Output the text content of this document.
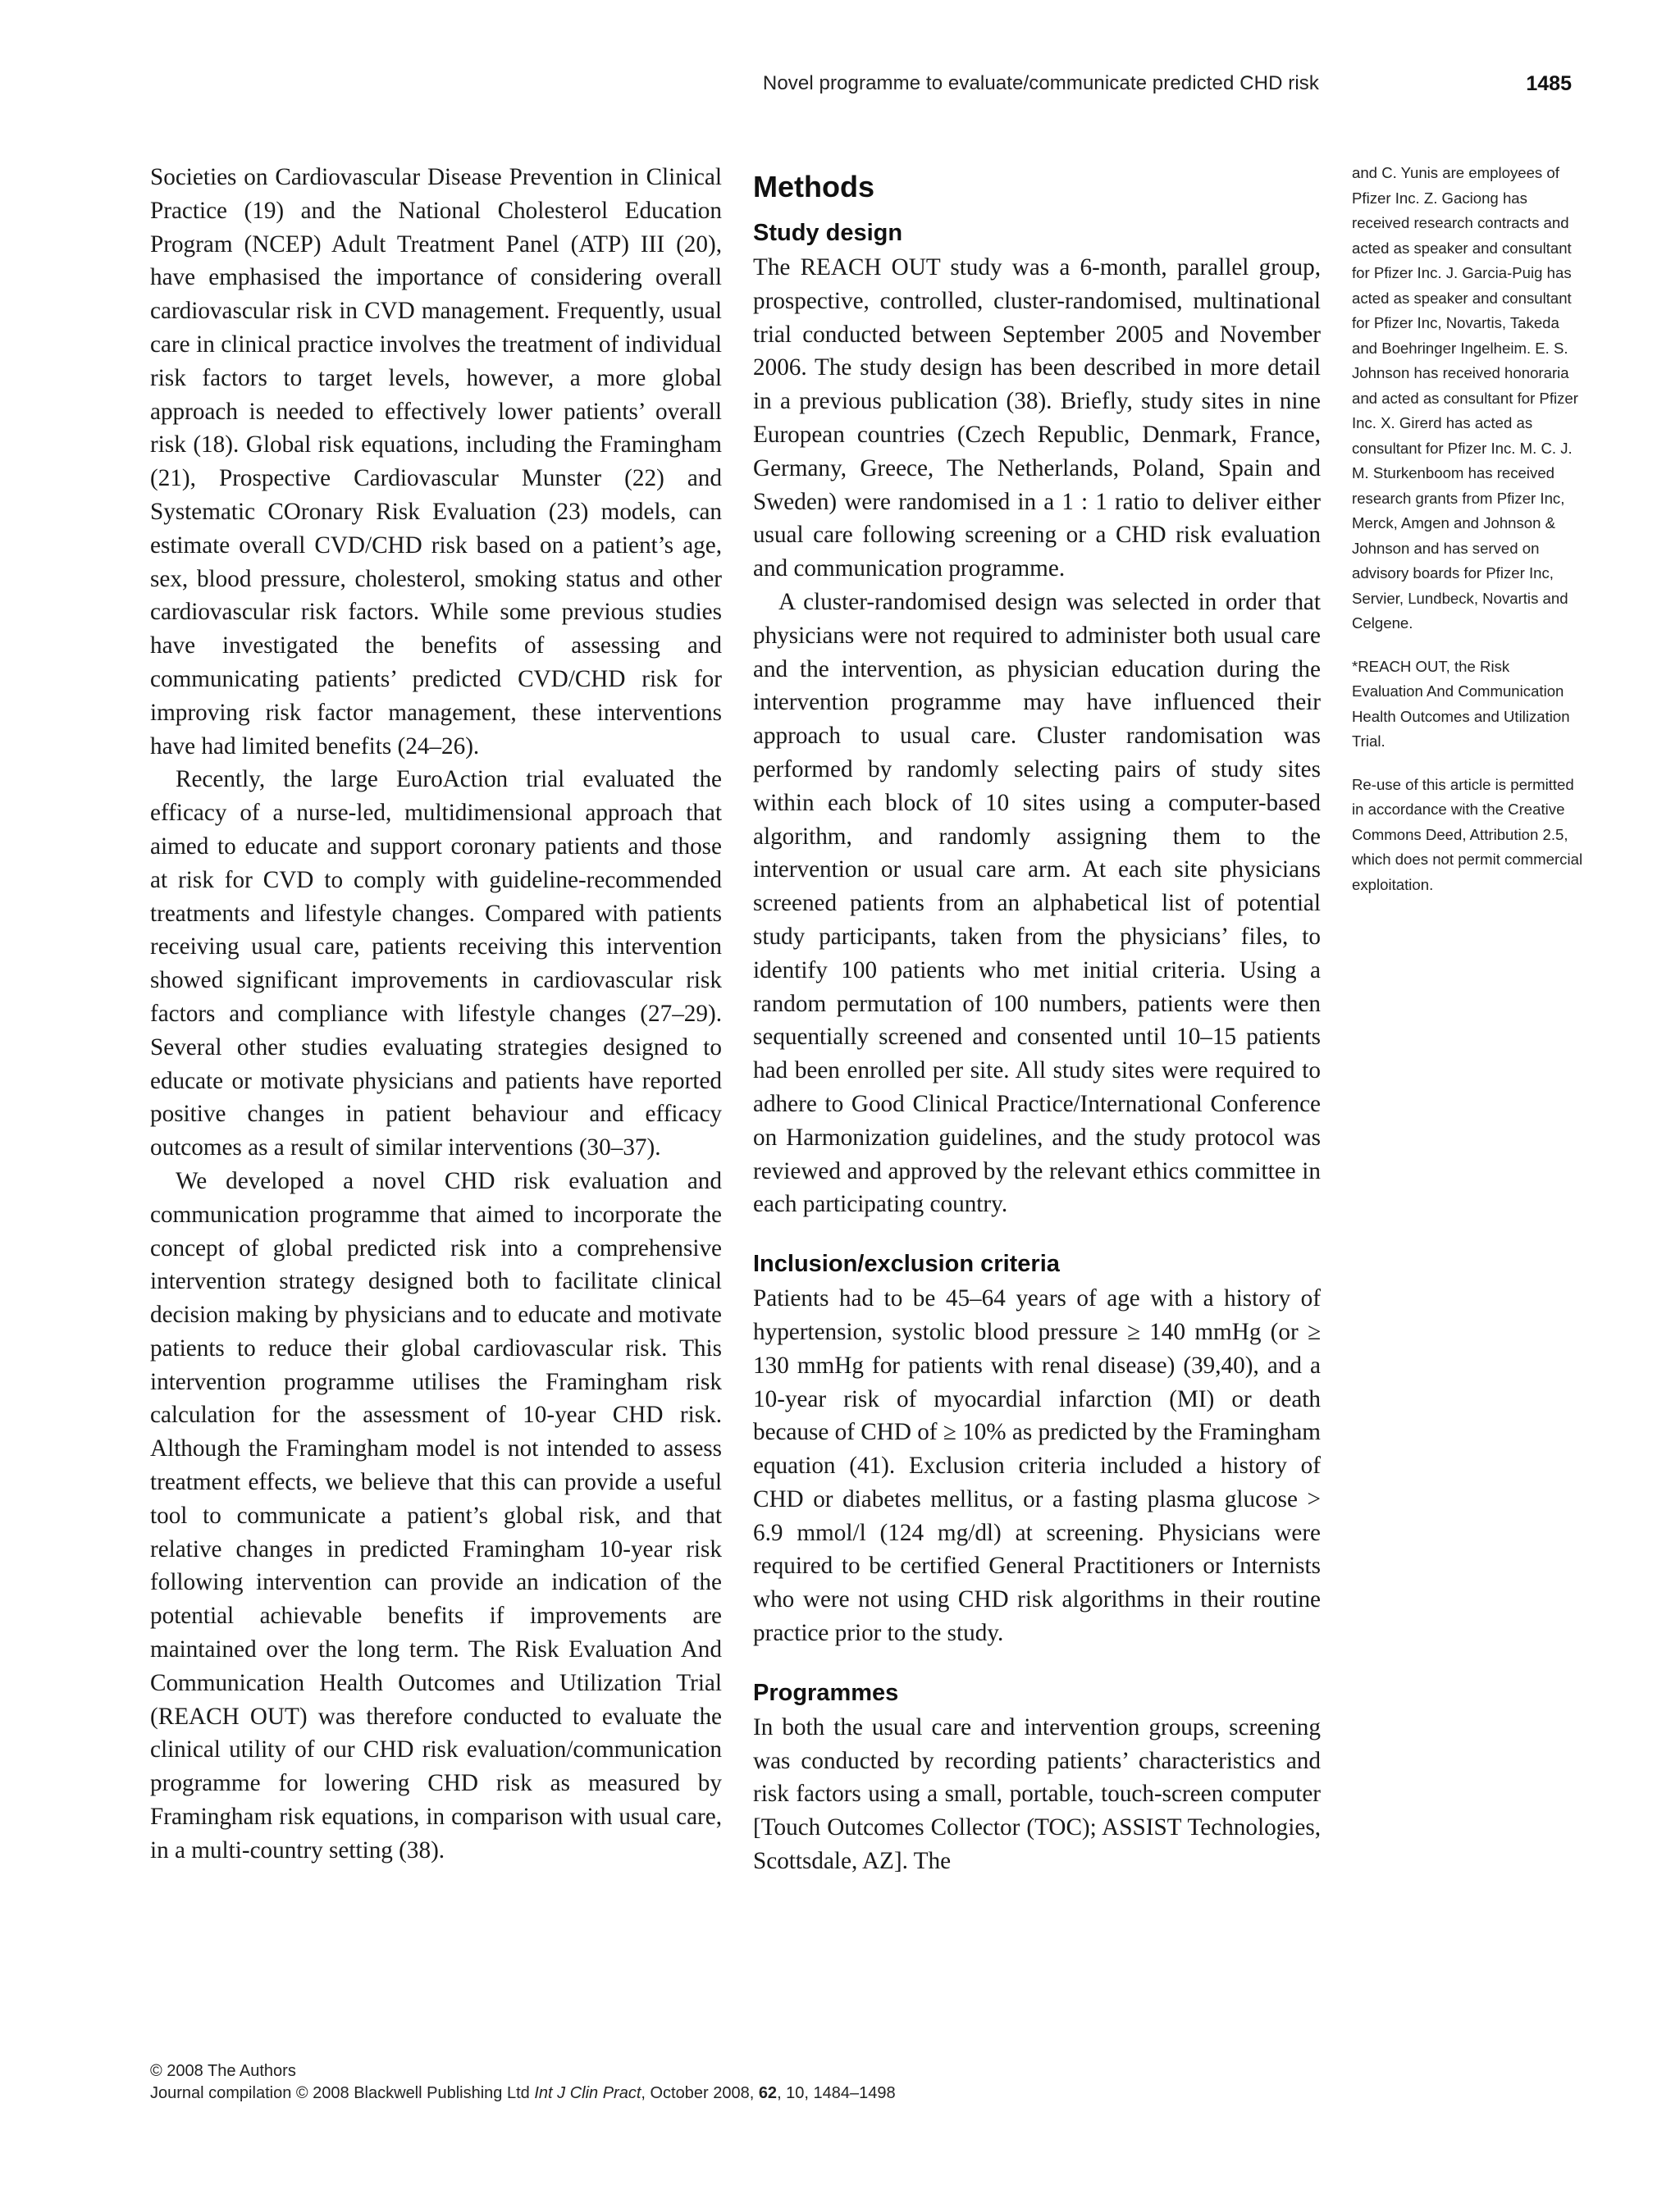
Novel programme to evaluate/communicate predicted CHD risk	1485

Societies on Cardiovascular Disease Prevention in Clinical Practice (19) and the National Cholesterol Education Program (NCEP) Adult Treatment Panel (ATP) III (20), have emphasised the importance of considering overall cardiovascular risk in CVD management. Frequently, usual care in clinical practice involves the treatment of individual risk factors to target levels, however, a more global approach is needed to effectively lower patients’ overall risk (18). Global risk equations, including the Framingham (21), Prospective Cardiovascular Munster (22) and Systematic COronary Risk Evaluation (23) models, can estimate overall CVD/CHD risk based on a patient’s age, sex, blood pressure, cholesterol, smoking status and other cardiovascular risk factors. While some previous studies have investigated the benefits of assessing and communicating patients’ predicted CVD/CHD risk for improving risk factor management, these interventions have had limited benefits (24–26).

Recently, the large EuroAction trial evaluated the efficacy of a nurse-led, multidimensional approach that aimed to educate and support coronary patients and those at risk for CVD to comply with guideline-recommended treatments and lifestyle changes. Compared with patients receiving usual care, patients receiving this intervention showed significant improvements in cardiovascular risk factors and compliance with lifestyle changes (27–29). Several other studies evaluating strategies designed to educate or motivate physicians and patients have reported positive changes in patient behaviour and efficacy outcomes as a result of similar interventions (30–37).

We developed a novel CHD risk evaluation and communication programme that aimed to incorporate the concept of global predicted risk into a comprehensive intervention strategy designed both to facilitate clinical decision making by physicians and to educate and motivate patients to reduce their global cardiovascular risk. This intervention programme utilises the Framingham risk calculation for the assessment of 10-year CHD risk. Although the Framingham model is not intended to assess treatment effects, we believe that this can provide a useful tool to communicate a patient’s global risk, and that relative changes in predicted Framingham 10-year risk following intervention can provide an indication of the potential achievable benefits if improvements are maintained over the long term. The Risk Evaluation And Communication Health Outcomes and Utilization Trial (REACH OUT) was therefore conducted to evaluate the clinical utility of our CHD risk evaluation/communication programme for lowering CHD risk as measured by Framingham risk equations, in comparison with usual care, in a multi-country setting (38).

Methods
Study design

The REACH OUT study was a 6-month, parallel group, prospective, controlled, cluster-randomised, multinational trial conducted between September 2005 and November 2006. The study design has been described in more detail in a previous publication (38). Briefly, study sites in nine European countries (Czech Republic, Denmark, France, Germany, Greece, The Netherlands, Poland, Spain and Sweden) were randomised in a 1 : 1 ratio to deliver either usual care following screening or a CHD risk evaluation and communication programme.

A cluster-randomised design was selected in order that physicians were not required to administer both usual care and the intervention, as physician education during the intervention programme may have influenced their approach to usual care. Cluster randomisation was performed by randomly selecting pairs of study sites within each block of 10 sites using a computer-based algorithm, and randomly assigning them to the intervention or usual care arm. At each site physicians screened patients from an alphabetical list of potential study participants, taken from the physicians’ files, to identify 100 patients who met initial criteria. Using a random permutation of 100 numbers, patients were then sequentially screened and consented until 10–15 patients had been enrolled per site. All study sites were required to adhere to Good Clinical Practice/International Conference on Harmonization guidelines, and the study protocol was reviewed and approved by the relevant ethics committee in each participating country.

Inclusion/exclusion criteria

Patients had to be 45–64 years of age with a history of hypertension, systolic blood pressure ≥ 140 mmHg (or ≥ 130 mmHg for patients with renal disease) (39,40), and a 10-year risk of myocardial infarction (MI) or death because of CHD of ≥ 10% as predicted by the Framingham equation (41). Exclusion criteria included a history of CHD or diabetes mellitus, or a fasting plasma glucose > 6.9 mmol/l (124 mg/dl) at screening. Physicians were required to be certified General Practitioners or Internists who were not using CHD risk algorithms in their routine practice prior to the study.

Programmes

In both the usual care and intervention groups, screening was conducted by recording patients’ characteristics and risk factors using a small, portable, touch-screen computer [Touch Outcomes Collector (TOC); ASSIST Technologies, Scottsdale, AZ]. The

and C. Yunis are employees of Pfizer Inc. Z. Gaciong has received research contracts and acted as speaker and consultant for Pfizer Inc. J. Garcia-Puig has acted as speaker and consultant for Pfizer Inc, Novartis, Takeda and Boehringer Ingelheim. E. S. Johnson has received honoraria and acted as consultant for Pfizer Inc. X. Girerd has acted as consultant for Pfizer Inc. M. C. J. M. Sturkenboom has received research grants from Pfizer Inc, Merck, Amgen and Johnson & Johnson and has served on advisory boards for Pfizer Inc, Servier, Lundbeck, Novartis and Celgene.

*REACH OUT, the Risk Evaluation And Communication Health Outcomes and Utilization Trial.

Re-use of this article is permitted in accordance with the Creative Commons Deed, Attribution 2.5, which does not permit commercial exploitation.

© 2008 The Authors
Journal compilation © 2008 Blackwell Publishing Ltd Int J Clin Pract, October 2008, 62, 10, 1484–1498
